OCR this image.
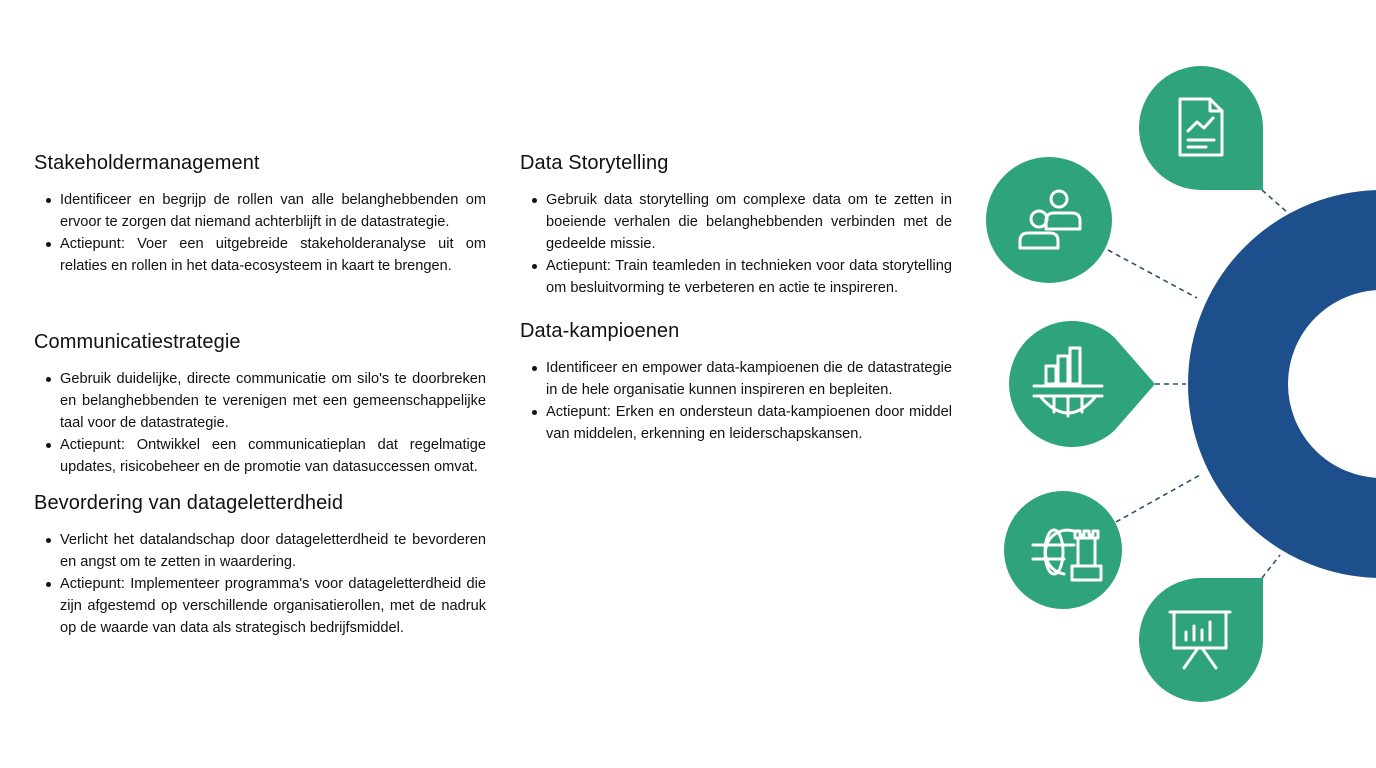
Stakeholdermanagement
Identificeer en begrijp de rollen van alle belanghebbenden om ervoor te zorgen dat niemand achterblijft in de datastrategie.
Actiepunt: Voer een uitgebreide stakeholderanalyse uit om relaties en rollen in het data-ecosysteem in kaart te brengen.
Communicatiestrategie
Gebruik duidelijke, directe communicatie om silo's te doorbreken en belanghebbenden te verenigen met een gemeenschappelijke taal voor de datastrategie.
Actiepunt: Ontwikkel een communicatieplan dat regelmatige updates, risicobeheer en de promotie van datasuccessen omvat.
Bevordering van datageletterdheid
Verlicht het datalandschap door datageletterdheid te bevorderen en angst om te zetten in waardering.
Actiepunt: Implementeer programma's voor datageletterdheid die zijn afgestemd op verschillende organisatierollen, met de nadruk op de waarde van data als strategisch bedrijfsmiddel.
Data Storytelling
Gebruik data storytelling om complexe data om te zetten in boeiende verhalen die belanghebbenden verbinden met de gedeelde missie.
Actiepunt: Train teamleden in technieken voor data storytelling om besluitvorming te verbeteren en actie te inspireren.
Data-kampioenen
Identificeer en empower data-kampioenen die de datastrategie in de hele organisatie kunnen inspireren en bepleiten.
Actiepunt: Erken en ondersteun data-kampioenen door middel van middelen, erkenning en leiderschapskansen.
